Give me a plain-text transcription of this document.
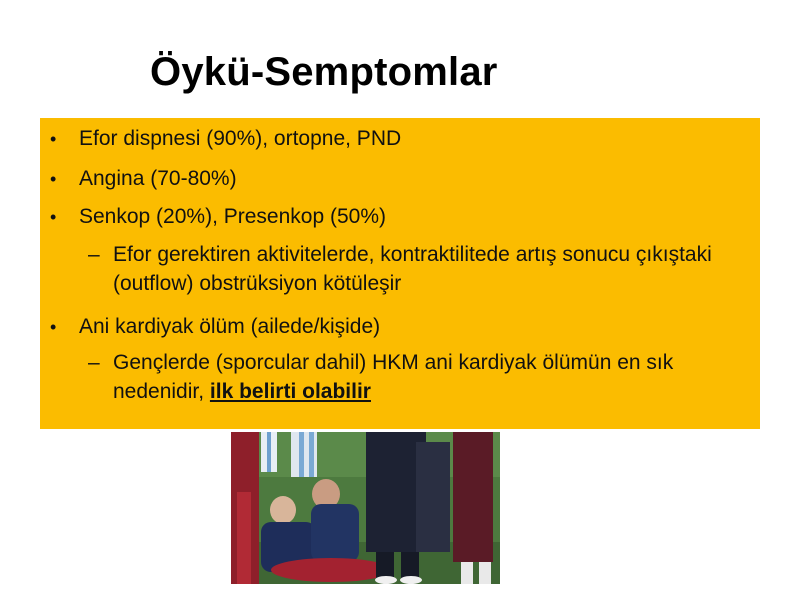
Öykü-Semptomlar
• Efor dispnesi (90%), ortopne, PND
• Angina (70-80%)
• Senkop (20%), Presenkop (50%)
– Efor gerektiren aktivitelerde, kontraktilitede artış sonucu çıkıştaki (outflow) obstrüksiyon kötüleşir
• Ani kardiyak ölüm (ailede/kişide)
– Gençlerde (sporcular dahil) HKM ani kardiyak ölümün en sık nedenidir, ilk belirti olabilir
